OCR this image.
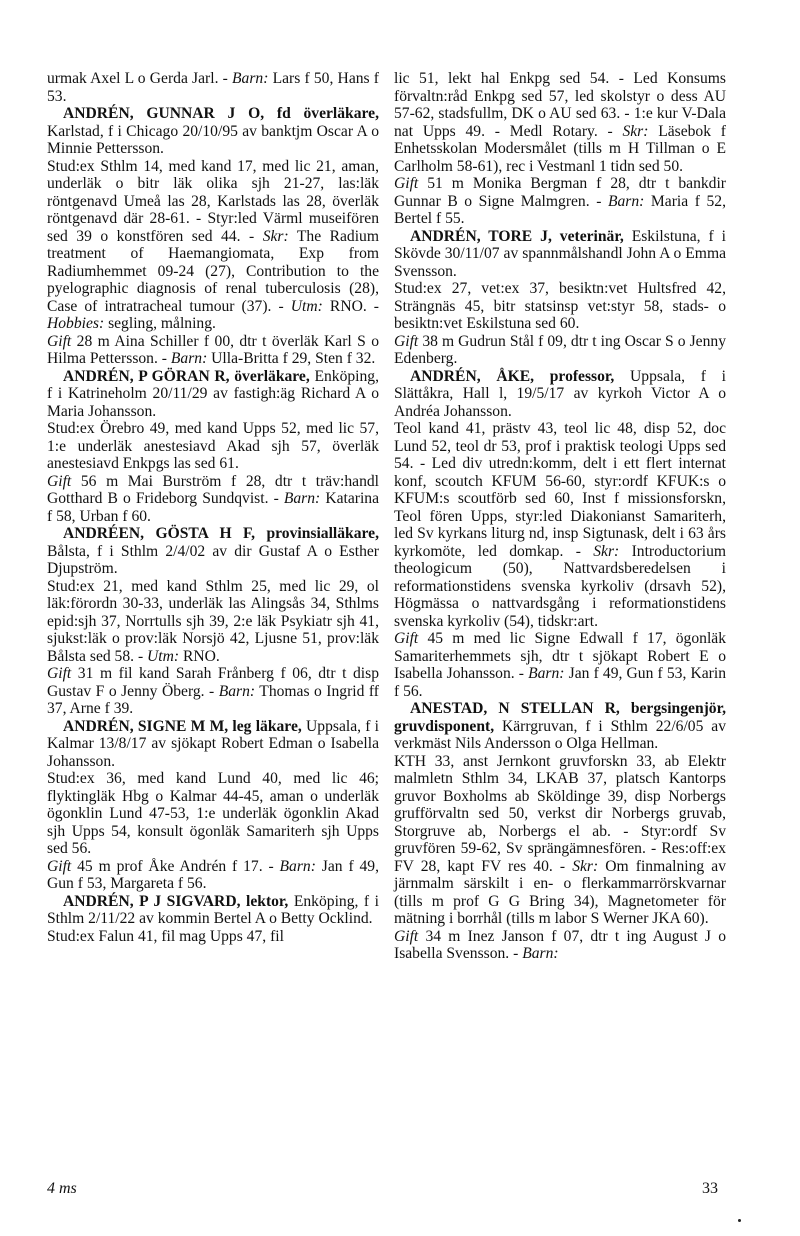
urmak Axel L o Gerda Jarl. - Barn: Lars f 50, Hans f 53.

ANDRÉN, GUNNAR J O, fd överläkare, Karlstad, f i Chicago 20/10/95 av banktjm Oscar A o Minnie Pettersson.

Stud:ex Sthlm 14, med kand 17, med lic 21, aman, underläk o bitr läk olika sjh 21-27, las:läk röntgenavd Umeå las 28, Karlstads las 28, överläk röntgenavd där 28-61. - Styr:led Värml museifören sed 39 o konstfören sed 44. - Skr: The Radium treatment of Haemangiomata, Exp from Radiumhemmet 09-24 (27), Contribution to the pyelographic diagnosis of renal tuberculosis (28), Case of intratracheal tumour (37). - Utm: RNO. - Hobbies: segling, målning.

Gift 28 m Aina Schiller f 00, dtr t överläk Karl S o Hilma Pettersson. - Barn: Ulla-Britta f 29, Sten f 32.

ANDRÉN, P GÖRAN R, överläkare, Enköping, f i Katrineholm 20/11/29 av fastigh:äg Richard A o Maria Johansson.

Stud:ex Örebro 49, med kand Upps 52, med lic 57, 1:e underläk anestesiavd Akad sjh 57, överläk anestesiavd Enkpgs las sed 61.

Gift 56 m Mai Burström f 28, dtr t träv:handl Gotthard B o Frideborg Sundqvist. - Barn: Katarina f 58, Urban f 60.

ANDRÉEN, GÖSTA H F, provinsialläkare, Bålsta, f i Sthlm 2/4/02 av dir Gustaf A o Esther Djupström.

Stud:ex 21, med kand Sthlm 25, med lic 29, ol läk:förordn 30-33, underläk las Alingsås 34, Sthlms epid:sjh 37, Norrtulls sjh 39, 2:e läk Psykiatr sjh 41, sjukst:läk o prov:läk Norsjö 42, Ljusne 51, prov:läk Bålsta sed 58. - Utm: RNO.

Gift 31 m fil kand Sarah Frånberg f 06, dtr t disp Gustav F o Jenny Öberg. - Barn: Thomas o Ingrid ff 37, Arne f 39.

ANDRÉN, SIGNE M M, leg läkare, Uppsala, f i Kalmar 13/8/17 av sjökapt Robert Edman o Isabella Johansson.

Stud:ex 36, med kand Lund 40, med lic 46; flyktingläk Hbg o Kalmar 44-45, aman o underläk ögonklin Lund 47-53, 1:e underläk ögonklin Akad sjh Upps 54, konsult ögonläk Samariterh sjh Upps sed 56.

Gift 45 m prof Åke Andrén f 17. - Barn: Jan f 49, Gun f 53, Margareta f 56.

ANDRÉN, P J SIGVARD, lektor, Enköping, f i Sthlm 2/11/22 av kommin Bertel A o Betty Ocklind.

Stud:ex Falun 41, fil mag Upps 47, fil

lic 51, lekt hal Enkpg sed 54. - Led Konsums förvaltn:råd Enkpg sed 57, led skolstyr o dess AU 57-62, stadsfullm, DK o AU sed 63. - 1:e kur V-Dala nat Upps 49. - Medl Rotary. - Skr: Läsebok f Enhetsskolan Modersmålet (tills m H Tillman o E Carlholm 58-61), rec i Vestmanl 1 tidn sed 50.

Gift 51 m Monika Bergman f 28, dtr t bankdir Gunnar B o Signe Malmgren. - Barn: Maria f 52, Bertel f 55.

ANDRÉN, TORE J, veterinär, Eskilstuna, f i Skövde 30/11/07 av spannmålshandl John A o Emma Svensson.

Stud:ex 27, vet:ex 37, besiktn:vet Hultsfred 42, Strängnäs 45, bitr statsinsp vet:styr 58, stads- o besiktn:vet Eskilstuna sed 60.

Gift 38 m Gudrun Stål f 09, dtr t ing Oscar S o Jenny Edenberg.

ANDRÉN, ÅKE, professor, Uppsala, f i Slättåkra, Hall l, 19/5/17 av kyrkoh Victor A o Andréa Johansson.

Teol kand 41, prästv 43, teol lic 48, disp 52, doc Lund 52, teol dr 53, prof i praktisk teologi Upps sed 54. - Led div utredn:komm, delt i ett flert internat konf, scoutch KFUM 56-60, styr:ordf KFUK:s o KFUM:s scoutförb sed 60, Inst f missionsforskn, Teol fören Upps, styr:led Diakonianst Samariterh, led Sv kyrkans liturg nd, insp Sigtunask, delt i 63 års kyrkomöte, led domkap. - Skr: Introductorium theologicum (50), Nattvardsberedelsen i reformationstidens svenska kyrkoliv (drsavh 52), Högmässa o nattvardsgång i reformationstidens svenska kyrkoliv (54), tidskr:art.

Gift 45 m med lic Signe Edwall f 17, ögonläk Samariterhemmets sjh, dtr t sjökapt Robert E o Isabella Johansson. - Barn: Jan f 49, Gun f 53, Karin f 56.

ANESTAD, N STELLAN R, bergsingenjör, gruvdisponent, Kärrgruvan, f i Sthlm 22/6/05 av verkmäst Nils Andersson o Olga Hellman.

KTH 33, anst Jernkont gruvforskn 33, ab Elektr malmletn Sthlm 34, LKAB 37, platsch Kantorps gruvor Boxholms ab Sköldinge 39, disp Norbergs grufförvaltn sed 50, verkst dir Norbergs gruvab, Storgruve ab, Norbergs el ab. - Styr:ordf Sv gruvfören 59-62, Sv sprängämnesfören. - Res:off:ex FV 28, kapt FV res 40. - Skr: Om finmalning av järnmalm särskilt i en- o flerkammarrörskvarnar (tills m prof G G Bring 34), Magnetometer för mätning i borrhål (tills m labor S Werner JKA 60).

Gift 34 m Inez Janson f 07, dtr t ing August J o Isabella Svensson. - Barn:

4 ms	33
